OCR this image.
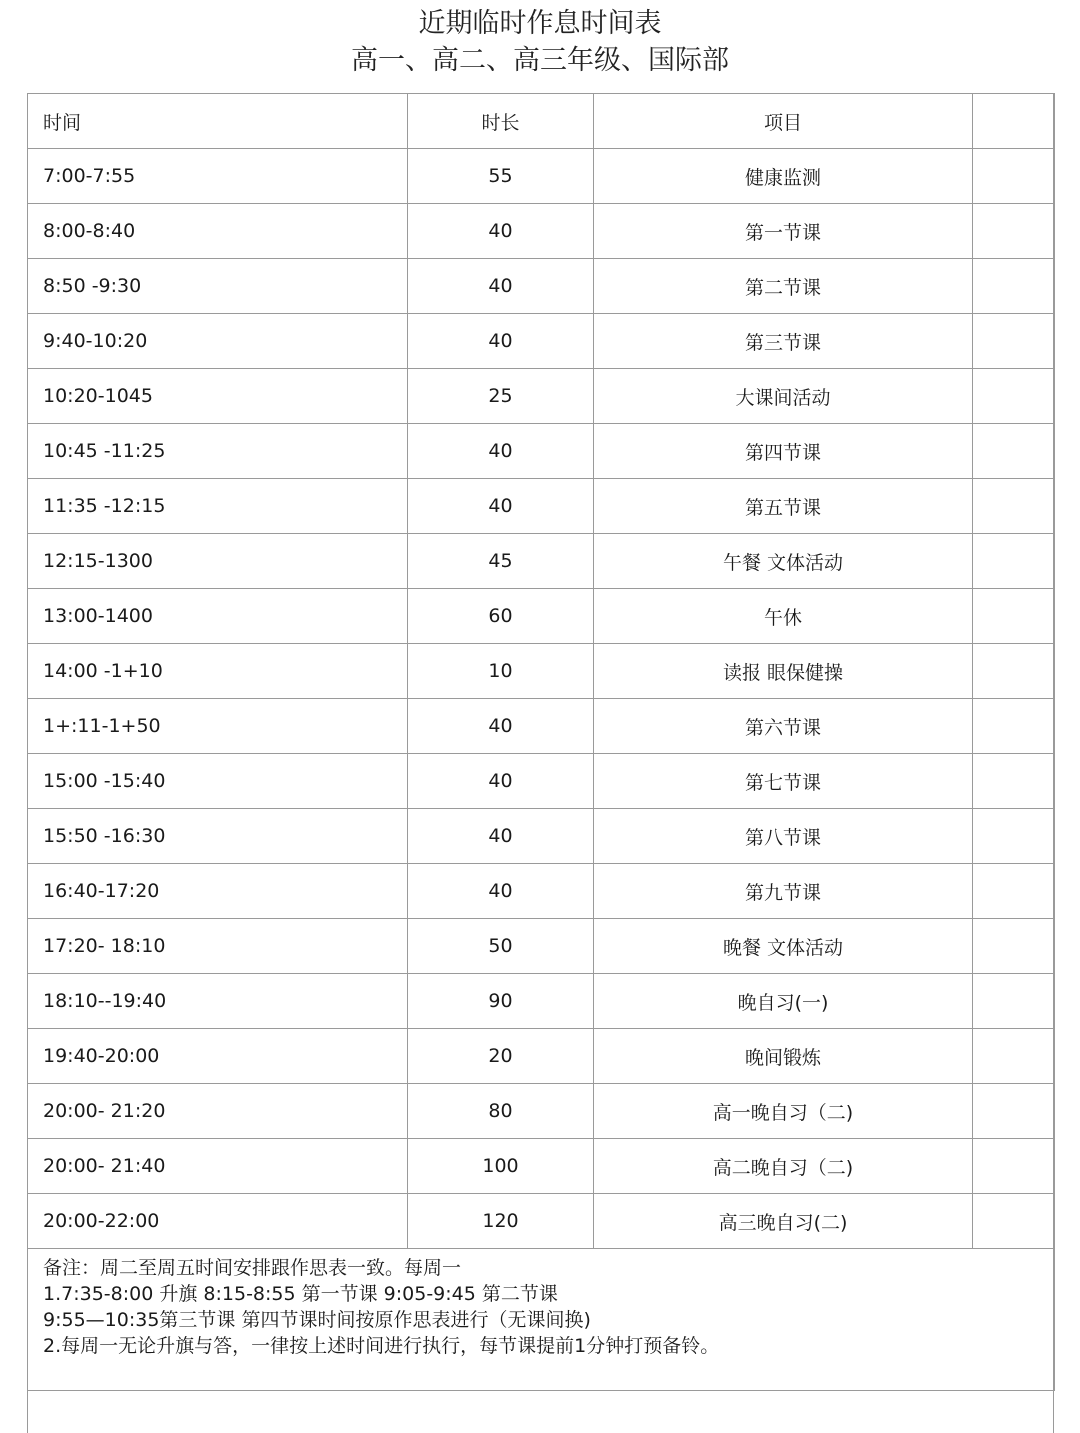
近期临时作息时间表
高一、高二、高三年级、国际部
时间	时长	项目	
7:00-7:55	55	健康监测	
8:00-8:40	40	第一节课	
8:50 -9:30	40	第二节课	
9:40-10:20	40	第三节课	
10:20-1045	25	大课间活动	
10:45 -11:25	40	第四节课	
11:35 -12:15	40	第五节课	
12:15-1300	45	午餐 文体活动	
13:00-1400	60	午休	
14:00 -1+10	10	读报 眼保健操	
1+:11-1+50	40	第六节课	
15:00 -15:40	40	第七节课	
15:50 -16:30	40	第八节课	
16:40-17:20	40	第九节课	
17:20- 18:10	50	晚餐 文体活动	
18:10--19:40	90	晚自习(一)	
19:40-20:00	20	晚间锻炼	
20:00- 21:20	80	高一晚自习（二)	
20:00- 21:40	100	高二晚自习（二)	
20:00-22:00	120	高三晚自习(二)	

备注：周二至周五时间安排跟作思表一致。每周一
1.7:35-8:00 升旗 8:15-8:55 第一节课 9:05-9:45 第二节课
9:55—10:35第三节课 第四节课时间按原作思表进行（无课间换)
2.每周一无论升旗与答，一律按上述时间进行执行，每节课提前1分钟打预备铃。			
